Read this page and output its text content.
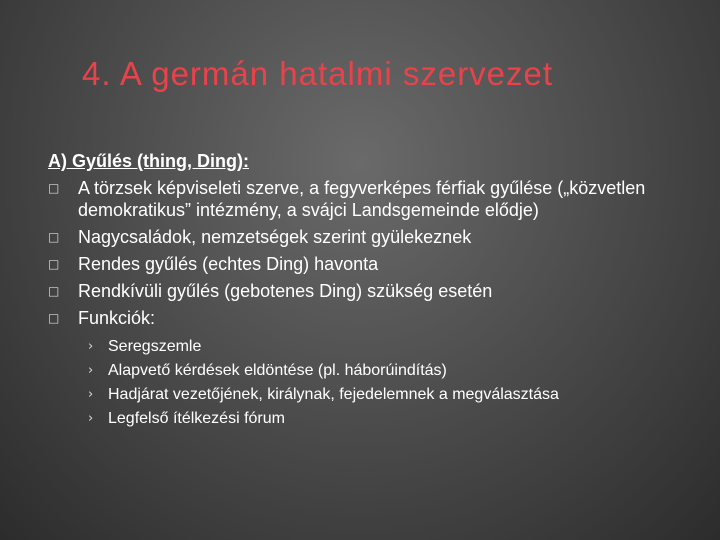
4. A germán hatalmi szervezet
A) Gyűlés (thing, Ding):
□	A törzsek képviseleti szerve, a fegyverképes férfiak gyűlése („közvetlen demokratikus” intézmény, a svájci Landsgemeinde elődje)
□	Nagycsaládok, nemzetségek szerint gyülekeznek
□	Rendes gyűlés (echtes Ding) havonta
□	Rendkívüli gyűlés (gebotenes Ding) szükség esetén
□	Funkciók:
› Seregszemle
› Alapvető kérdések eldöntése (pl. háborúindítás)
› Hadjárat vezetőjének, királynak, fejedelemnek a megválasztása
› Legfelső ítélkezési fórum
